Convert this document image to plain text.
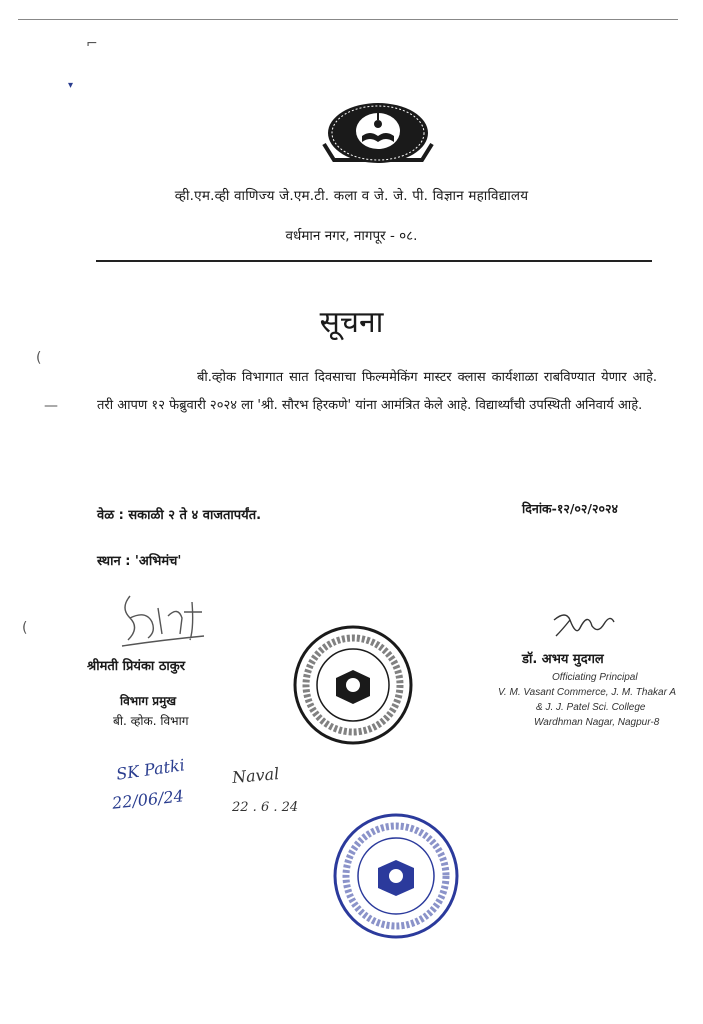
⌐
▾
(
—
(
व्ही.एम.व्ही वाणिज्य जे.एम.टी. कला व जे. जे. पी. विज्ञान महाविद्यालय
वर्धमान नगर, नागपूर - ०८.
सूचना
बी.व्होक विभागात सात दिवसाचा फिल्ममेकिंग मास्टर क्लास कार्यशाळा राबविण्यात येणार आहे. तरी आपण १२ फेब्रुवारी २०२४ ला 'श्री. सौरभ हिरकणे' यांना आमंत्रित केले आहे. विद्यार्थ्यांची उपस्थिती अनिवार्य आहे.
वेळ : सकाळी २ ते ४ वाजतापर्यंत.	दिनांक-१२/०२/२०२४
स्थान : 'अभिमंच'
श्रीमती प्रियंका ठाकुर
विभाग प्रमुख
बी. व्होक. विभाग
डॉ. अभय मुदगल
Officiating Principal
V. M. Vasant Commerce, J. M. Thakar A
& J. J. Patel Sci. College
Wardhman Nagar, Nagpur-8
SK Patki
22/06/24
Naval
22 . 6 . 24
